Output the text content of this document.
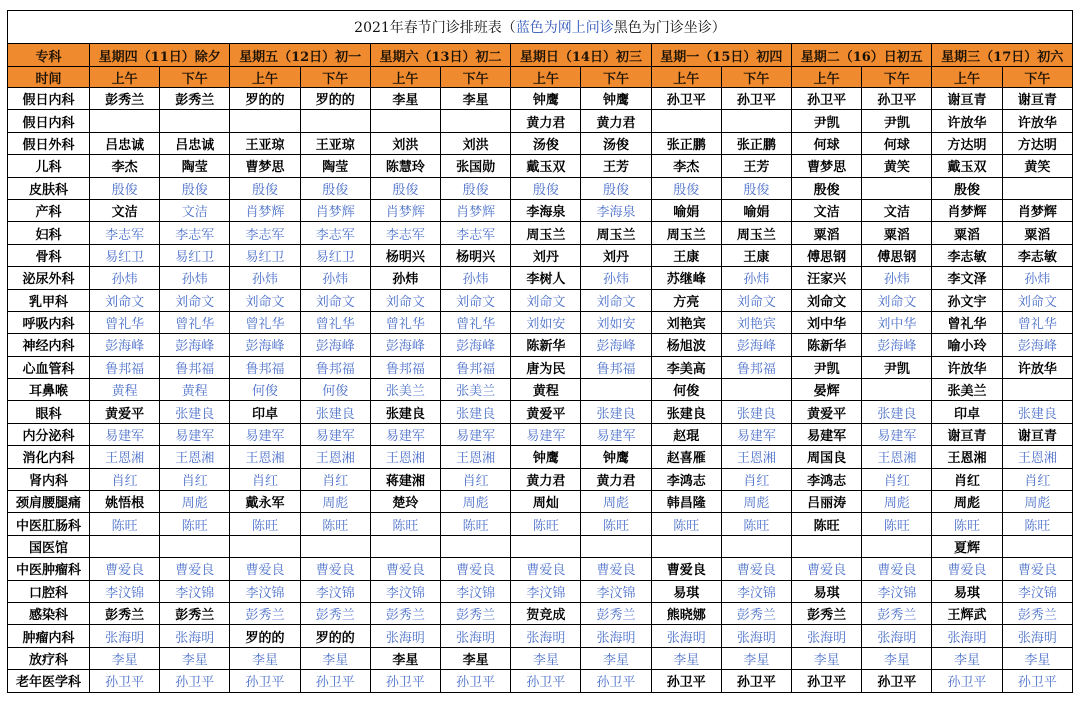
2021年春节门诊排班表（ 蓝色为网上问诊 黑色为门诊坐诊）
专科	星期四（11日）除夕		星期五（12日）初一		星期六（13日）初二		星期日（14日）初三		星期一（15日）初四		星期二（16）日初五		星期三（17日）初六	
时间	上午	下午	上午	下午	上午	下午	上午	下午	上午	下午	上午	下午	上午	下午
假日内科	彭秀兰	彭秀兰	罗的的	罗的的	李星	李星	钟鹰	钟鹰	孙卫平	孙卫平	孙卫平	孙卫平	谢亘青	谢亘青
假日内科							黄力君	黄力君			尹凯	尹凯	许放华	许放华
假日外科	吕忠诚	吕忠诚	王亚琼	王亚琼	刘洪	刘洪	汤俊	汤俊	张正鹏	张正鹏	何球	何球	方达明	方达明
儿科	李杰	陶莹	曹梦思	陶莹	陈慧玲	张国勋	戴玉双	王芳	李杰	王芳	曹梦思	黄笑	戴玉双	黄笑
皮肤科	殷俊	殷俊	殷俊	殷俊	殷俊	殷俊	殷俊	殷俊	殷俊	殷俊	殷俊		殷俊	
产科	文洁	文洁	肖梦辉	肖梦辉	肖梦辉	肖梦辉	李海泉	李海泉	喻娟	喻娟	文洁	文洁	肖梦辉	肖梦辉
妇科	李志军	李志军	李志军	李志军	李志军	李志军	周玉兰	周玉兰	周玉兰	周玉兰	粟滔	粟滔	粟滔	粟滔
骨科	易红卫	易红卫	易红卫	易红卫	杨明兴	杨明兴	刘丹	刘丹	王康	王康	傅思钢	傅思钢	李志敏	李志敏
泌尿外科	孙炜	孙炜	孙炜	孙炜	孙炜	孙炜	李树人	孙炜	苏继峰	孙炜	汪家兴	孙炜	李文泽	孙炜
乳甲科	刘命文	刘命文	刘命文	刘命文	刘命文	刘命文	刘命文	刘命文	方亮	刘命文	刘命文	刘命文	孙文宇	刘命文
呼吸内科	曾礼华	曾礼华	曾礼华	曾礼华	曾礼华	曾礼华	刘如安	刘如安	刘艳宾	刘艳宾	刘中华	刘中华	曾礼华	曾礼华
神经内科	彭海峰	彭海峰	彭海峰	彭海峰	彭海峰	彭海峰	陈新华	彭海峰	杨旭波	彭海峰	陈新华	彭海峰	喻小玲	彭海峰
心血管科	鲁邦福	鲁邦福	鲁邦福	鲁邦福	鲁邦福	鲁邦福	唐为民	鲁邦福	李美高	鲁邦福	尹凯	尹凯	许放华	许放华
耳鼻喉	黄程	黄程	何俊	何俊	张美兰	张美兰	黄程		何俊		晏辉		张美兰	
眼科	黄爱平	张建良	印卓	张建良	张建良	张建良	黄爱平	张建良	张建良	张建良	黄爱平	张建良	印卓	张建良
内分泌科	易建军	易建军	易建军	易建军	易建军	易建军	易建军	易建军	赵琨	易建军	易建军	易建军	谢亘青	谢亘青
消化内科	王恩湘	王恩湘	王恩湘	王恩湘	王恩湘	王恩湘	钟鹰	钟鹰	赵喜雁	王恩湘	周国良	王恩湘	王恩湘	王恩湘
肾内科	肖红	肖红	肖红	肖红	蒋建湘	肖红	黄力君	黄力君	李鸿志	肖红	李鸿志	肖红	肖红	肖红
颈肩腰腿痛	姚悟根	周彪	戴永军	周彪	楚玲	周彪	周灿	周彪	韩昌隆	周彪	吕丽涛	周彪	周彪	周彪
中医肛肠科	陈旺	陈旺	陈旺	陈旺	陈旺	陈旺	陈旺	陈旺	陈旺	陈旺	陈旺	陈旺	陈旺	陈旺
国医馆													夏辉	
中医肿瘤科	曹爱良	曹爱良	曹爱良	曹爱良	曹爱良	曹爱良	曹爱良	曹爱良	曹爱良	曹爱良	曹爱良	曹爱良	曹爱良	曹爱良
口腔科	李汶锦	李汶锦	李汶锦	李汶锦	李汶锦	李汶锦	李汶锦	李汶锦	易琪	李汶锦	易琪	李汶锦	易琪	李汶锦
感染科	彭秀兰	彭秀兰	彭秀兰	彭秀兰	彭秀兰	彭秀兰	贺竞成	彭秀兰	熊晓娜	彭秀兰	彭秀兰	彭秀兰	王辉武	彭秀兰
肿瘤内科	张海明	张海明	罗的的	罗的的	张海明	张海明	张海明	张海明	张海明	张海明	张海明	张海明	张海明	张海明
放疗科	李星	李星	李星	李星	李星	李星	李星	李星	李星	李星	李星	李星	李星	李星
老年医学科	孙卫平	孙卫平	孙卫平	孙卫平	孙卫平	孙卫平	孙卫平	孙卫平	孙卫平	孙卫平	孙卫平	孙卫平	孙卫平	孙卫平
